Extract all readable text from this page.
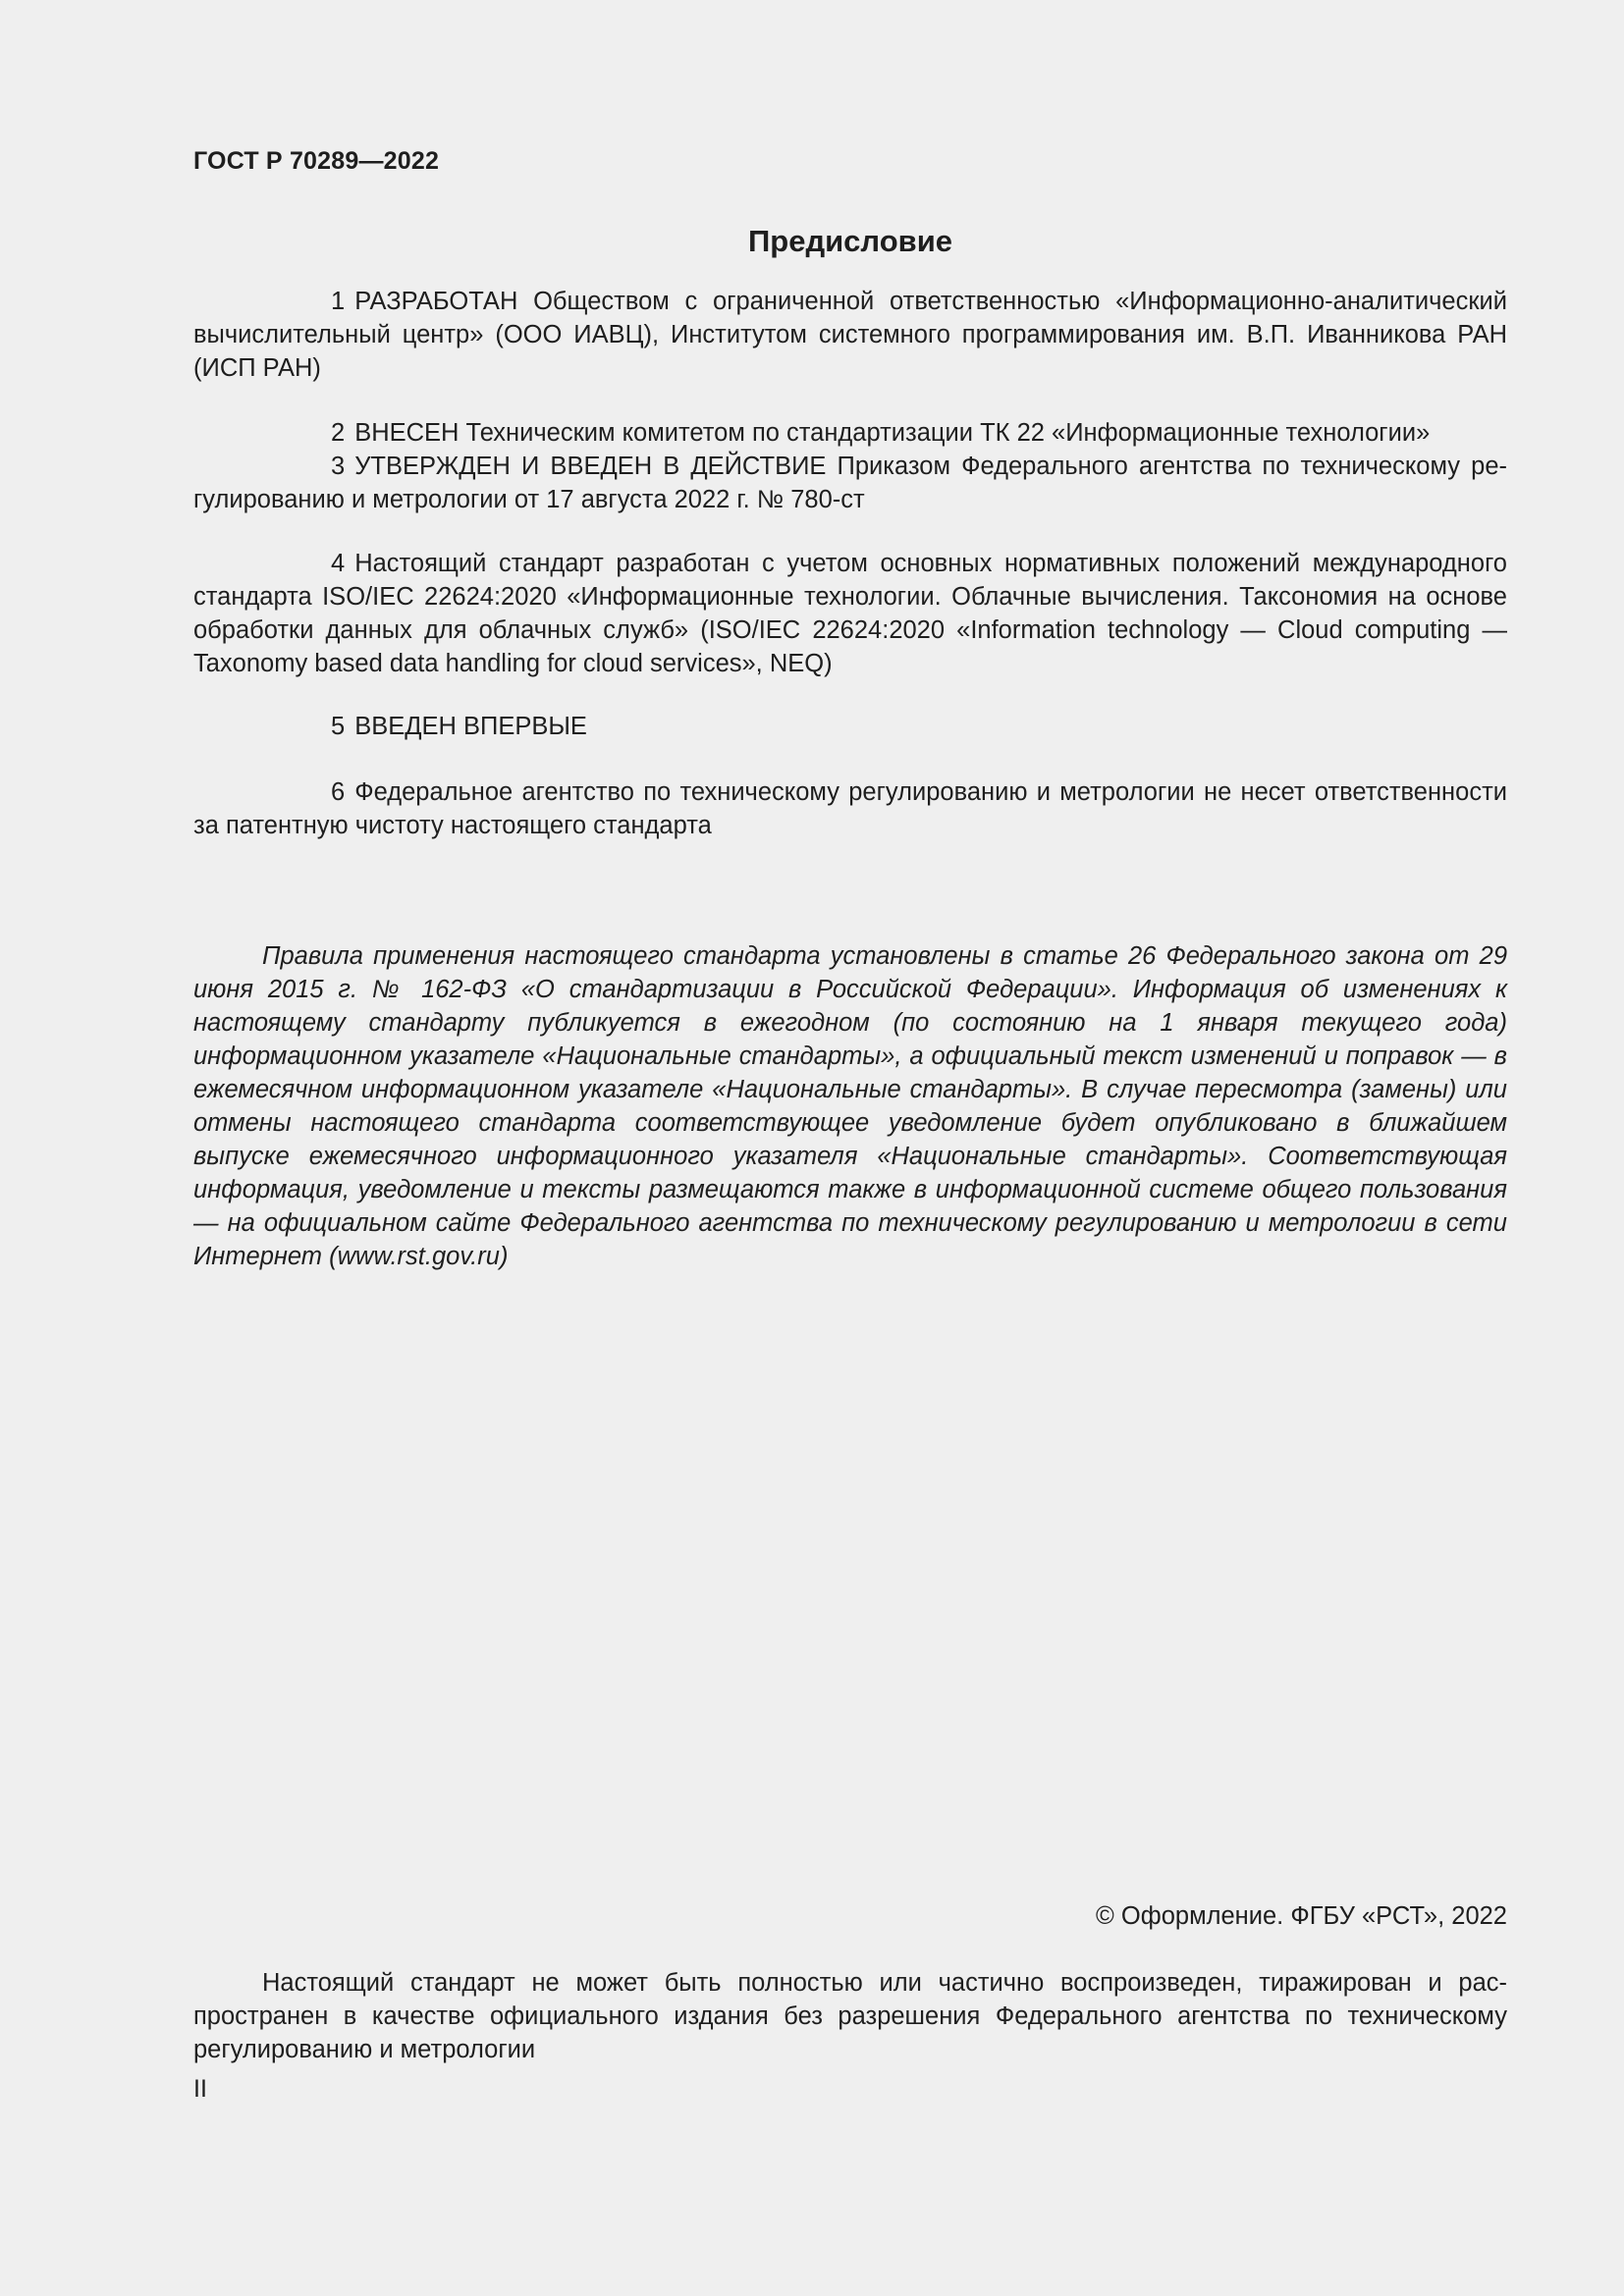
ГОСТ Р 70289—2022
Предисловие
1 РАЗРАБОТАН Обществом с ограниченной ответственностью «Информационно-аналитический вычислительный центр» (ООО ИАВЦ), Институтом системного программирования им. В.П. Иванникова РАН (ИСП РАН)
2 ВНЕСЕН Техническим комитетом по стандартизации ТК 22 «Информационные технологии»
3 УТВЕРЖДЕН И ВВЕДЕН В ДЕЙСТВИЕ Приказом Федерального агентства по техническому регулированию и метрологии от 17 августа 2022 г. № 780-ст
4 Настоящий стандарт разработан с учетом основных нормативных положений международного стандарта ISO/IEC 22624:2020 «Информационные технологии. Облачные вычисления. Таксономия на основе обработки данных для облачных служб» (ISO/IEC 22624:2020 «Information technology — Cloud computing — Taxonomy based data handling for cloud services», NEQ)
5 ВВЕДЕН ВПЕРВЫЕ
6 Федеральное агентство по техническому регулированию и метрологии не несет ответственности за патентную чистоту настоящего стандарта
Правила применения настоящего стандарта установлены в статье 26 Федерального закона от 29 июня 2015 г. № 162-ФЗ «О стандартизации в Российской Федерации». Информация об изменениях к настоящему стандарту публикуется в ежегодном (по состоянию на 1 января текущего года) информационном указателе «Национальные стандарты», а официальный текст изменений и поправок — в ежемесячном информационном указателе «Национальные стандарты». В случае пересмотра (замены) или отмены настоящего стандарта соответствующее уведомление будет опубликовано в ближайшем выпуске ежемесячного информационного указателя «Национальные стандарты». Соответствующая информация, уведомление и тексты размещаются также в информационной системе общего пользования — на официальном сайте Федерального агентства по техническому регулированию и метрологии в сети Интернет (www.rst.gov.ru)
© Оформление. ФГБУ «РСТ», 2022
Настоящий стандарт не может быть полностью или частично воспроизведен, тиражирован и распространен в качестве официального издания без разрешения Федерального агентства по техническому регулированию и метрологии
II
